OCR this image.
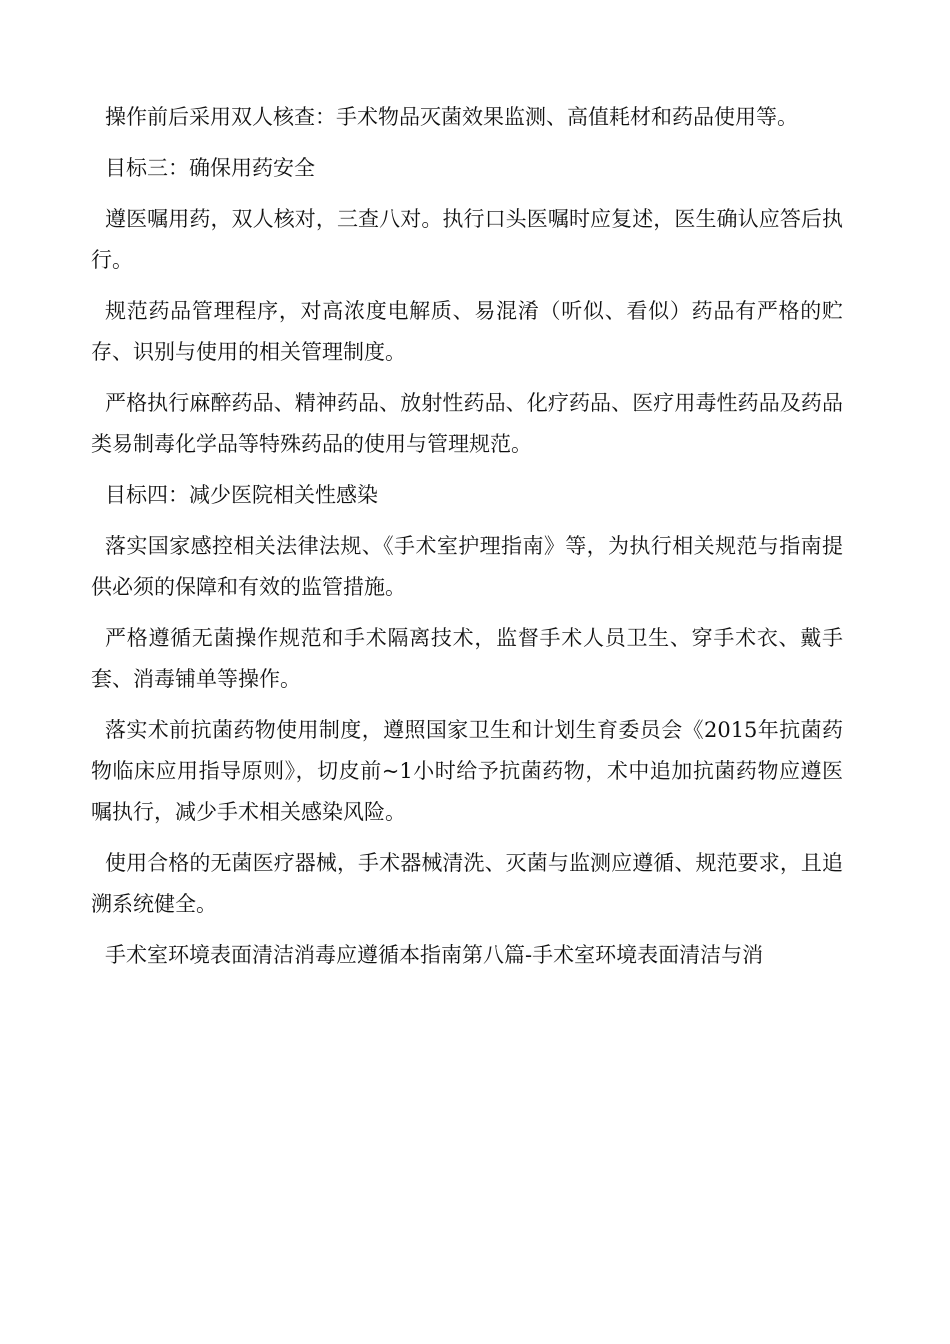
操作前后采用双人核查：手术物品灭菌效果监测、高值耗材和药品使用等。

目标三：确保用药安全

遵医嘱用药，双人核对，三查八对。执行口头医嘱时应复述，医生确认应答后执行。

规范药品管理程序，对高浓度电解质、易混淆（听似、看似）药品有严格的贮存、识别与使用的相关管理制度。

严格执行麻醉药品、精神药品、放射性药品、化疗药品、医疗用毒性药品及药品类易制毒化学品等特殊药品的使用与管理规范。

目标四：减少医院相关性感染

落实国家感控相关法律法规、《手术室护理指南》等，为执行相关规范与指南提供必须的保障和有效的监管措施。

严格遵循无菌操作规范和手术隔离技术，监督手术人员卫生、穿手术衣、戴手套、消毒铺单等操作。

落实术前抗菌药物使用制度，遵照国家卫生和计划生育委员会《2015年抗菌药物临床应用指导原则》，切皮前~1小时给予抗菌药物，术中追加抗菌药物应遵医嘱执行，减少手术相关感染风险。

使用合格的无菌医疗器械，手术器械清洗、灭菌与监测应遵循、规范要求，且追溯系统健全。

手术室环境表面清洁消毒应遵循本指南第八篇-手术室环境表面清洁与消
